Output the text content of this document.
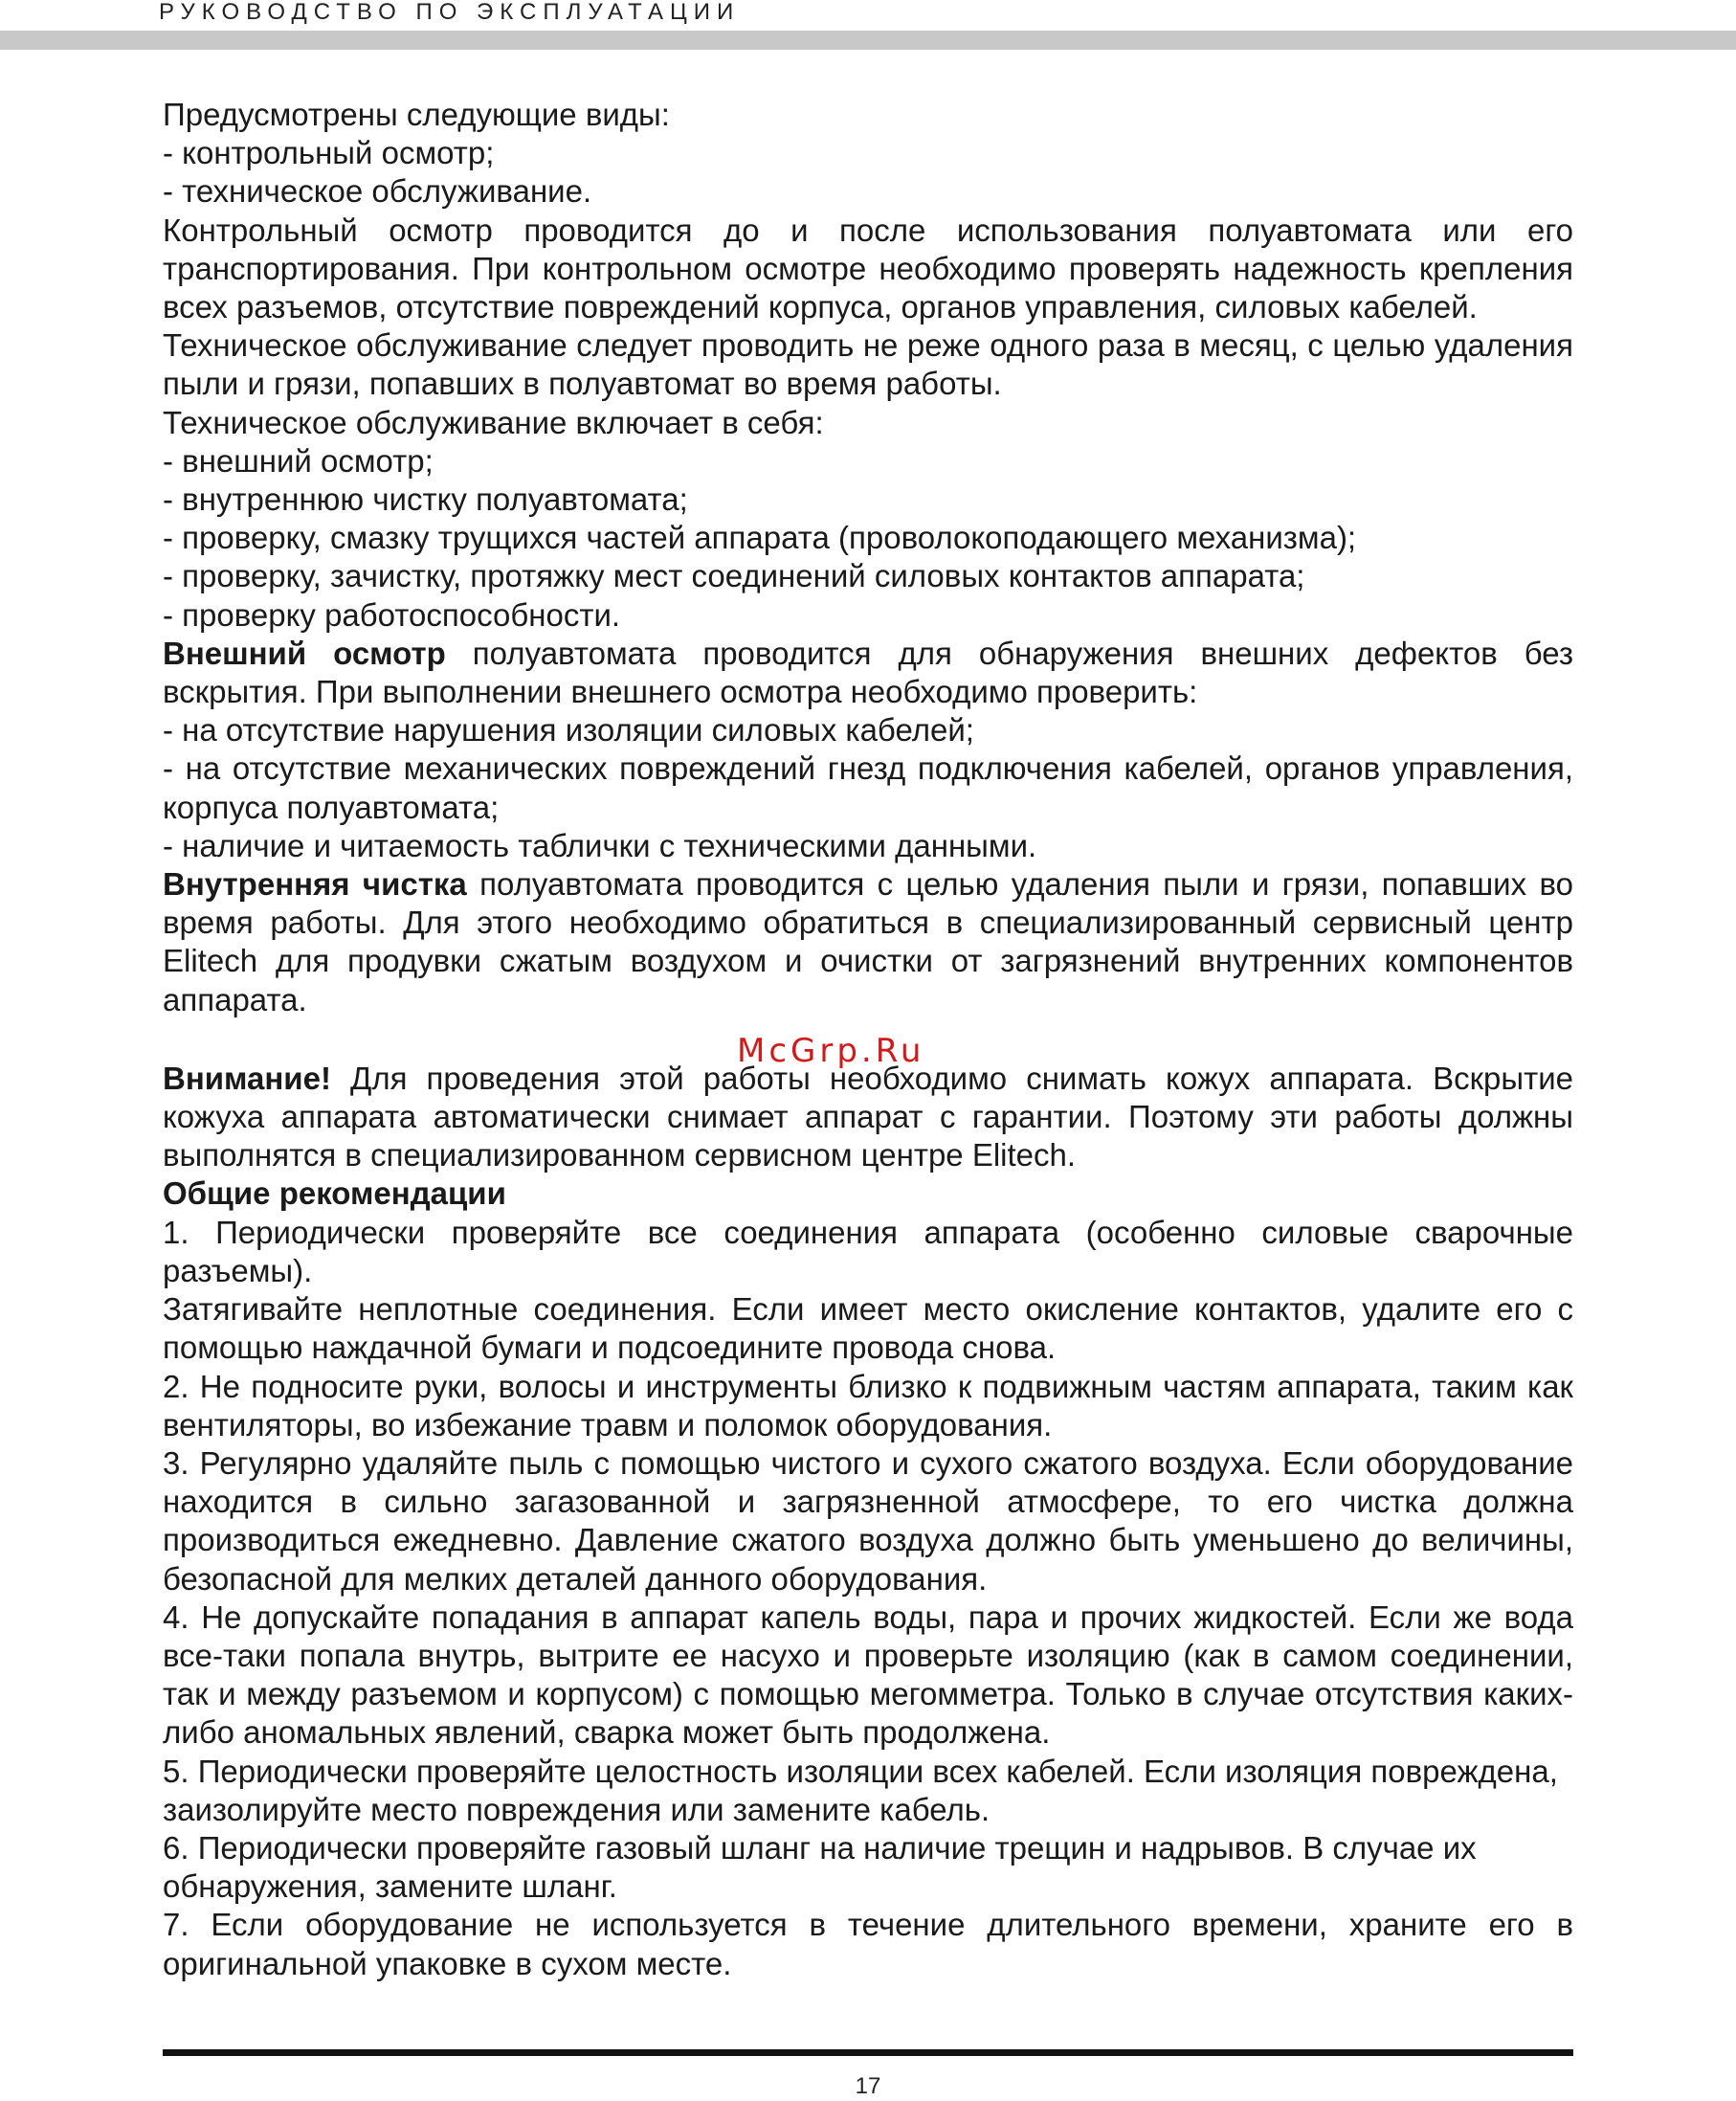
РУКОВОДСТВО ПО ЭКСПЛУАТАЦИИ

Предусмотрены следующие виды:

- контрольный осмотр;

- техническое обслуживание.

Контрольный осмотр проводится до и после использования полуавтомата или его транспортирования. При контрольном осмотре необходимо проверять надежность крепления всех разъемов, отсутствие повреждений корпуса, органов управления, силовых кабелей.

Техническое обслуживание следует проводить не реже одного раза в месяц, с целью удаления пыли и грязи, попавших в полуавтомат во время работы.

Техническое обслуживание включает в себя:

- внешний осмотр;

- внутреннюю чистку полуавтомата;

- проверку, смазку трущихся частей аппарата (проволокоподающего механизма);

- проверку, зачистку, протяжку мест соединений силовых контактов аппарата;

- проверку работоспособности.

Внешний осмотр полуавтомата проводится для обнаружения внешних дефектов без вскрытия. При выполнении внешнего осмотра необходимо проверить:

- на отсутствие нарушения изоляции силовых кабелей;

- на отсутствие механических повреждений гнезд подключения кабелей, органов управления, корпуса полуавтомата;

- наличие и читаемость таблички с техническими данными.

Внутренняя чистка полуавтомата проводится с целью удаления пыли и грязи, попавших во время работы. Для этого необходимо обратиться в специализированный сервисный центр Elitech для продувки сжатым воздухом и очистки от загрязнений внутренних компонентов аппарата.

Внимание! Для проведения этой работы необходимо снимать кожух аппарата. Вскрытие кожуха аппарата автоматически снимает аппарат с гарантии. Поэтому эти работы должны выполнятся в специализированном сервисном центре Elitech.

Общие рекомендации

1. Периодически проверяйте все соединения аппарата (особенно силовые сварочные разъемы).

Затягивайте неплотные соединения. Если имеет место окисление контактов, удалите его с помощью наждачной бумаги и подсоедините провода снова.

2. Не подносите руки, волосы и инструменты близко к подвижным частям аппарата, таким как вентиляторы, во избежание травм и поломок оборудования.

3. Регулярно удаляйте пыль с помощью чистого и сухого сжатого воздуха. Если оборудование находится в сильно загазованной и загрязненной атмосфере, то его чистка должна производиться ежедневно. Давление сжатого воздуха должно быть уменьшено до величины, безопасной для мелких деталей данного оборудования.

4. Не допускайте попадания в аппарат капель воды, пара и прочих жидкостей. Если же вода все-таки попала внутрь, вытрите ее насухо и проверьте изоляцию (как в самом соединении, так и между разъемом и корпусом) с помощью мегомметра. Только в случае отсутствия каких-либо аномальных явлений, сварка может быть продолжена.

5. Периодически проверяйте целостность изоляции всех кабелей. Если изоляция повреждена, заизолируйте место повреждения или замените кабель.

6. Периодически проверяйте газовый шланг на наличие трещин и надрывов. В случае их обнаружения, замените шланг.

7. Если оборудование не используется в течение длительного времени, храните его в оригинальной упаковке в сухом месте.

McGrp.Ru
17
